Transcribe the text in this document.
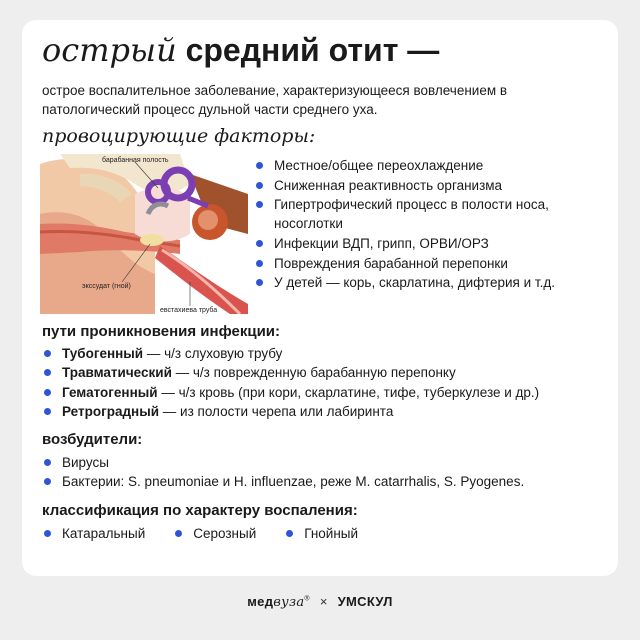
острый средний отит —
острое воспалительное заболевание, характеризующееся вовлечением в патологический процесс дульной части среднего уха.
провоцирующие факторы:
барабанная полость
экссудат (гной)
евстахиева труба
Местное/общее переохлаждение
Сниженная реактивность организма
Гипертрофический процесс в полости носа, носоглотки
Инфекции ВДП, грипп, ОРВИ/ОРЗ
Повреждения барабанной перепонки
У детей — корь, скарлатина, дифтерия и т.д.
пути проникновения инфекции:
Тубогенный — ч/з слуховую трубу
Травматический — ч/з поврежденную барабанную перепонку
Гематогенный — ч/з кровь (при кори, скарлатине, тифе, туберкулезе и др.)
Ретроградный — из полости черепа или лабиринта
возбудители:
Вирусы
Бактерии: S. pneumoniae и H. influenzae, реже M. catarrhalis, S. Pyogenes.
классификация по характеру воспаления:
Катаральный	Серозный	Гнойный
медвуза® × УМСКУЛ
